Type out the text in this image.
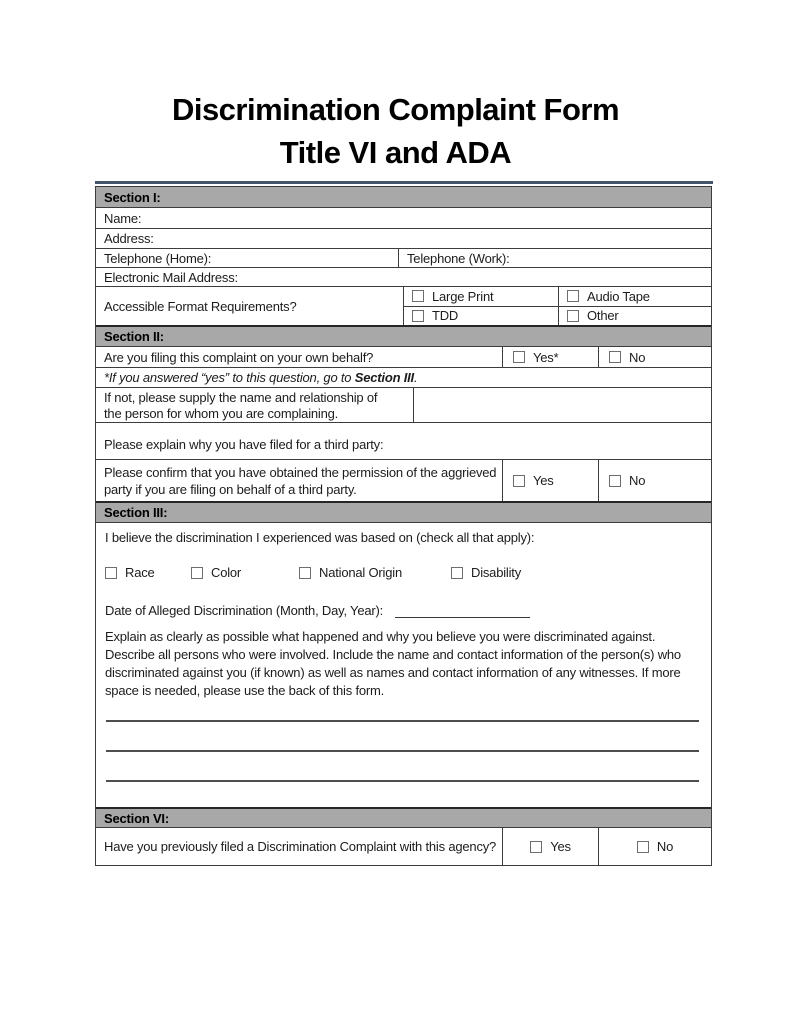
Discrimination Complaint Form
Title VI and ADA
Section I:
Name:
Address:
Telephone (Home):	Telephone (Work):
Electronic Mail Address:
Accessible Format Requirements?
Large Print	Audio Tape
TDD	Other
Section II:
Are you filing this complaint on your own behalf?	Yes*	No
*If you answered “yes” to this question, go to Section III.
If not, please supply the name and relationship of the person for whom you are complaining.
Please explain why you have filed for a third party:
Please confirm that you have obtained the permission of the aggrieved party if you are filing on behalf of a third party.
Yes	No
Section III:
I believe the discrimination I experienced was based on (check all that apply):
Race	Color	National Origin	Disability
Date of Alleged Discrimination (Month, Day, Year):
Explain as clearly as possible what happened and why you believe you were discriminated against. Describe all persons who were involved. Include the name and contact information of the person(s) who discriminated against you (if known) as well as names and contact information of any witnesses. If more space is needed, please use the back of this form.
Section VI:
Have you previously filed a Discrimination Complaint with this agency?	Yes	No
